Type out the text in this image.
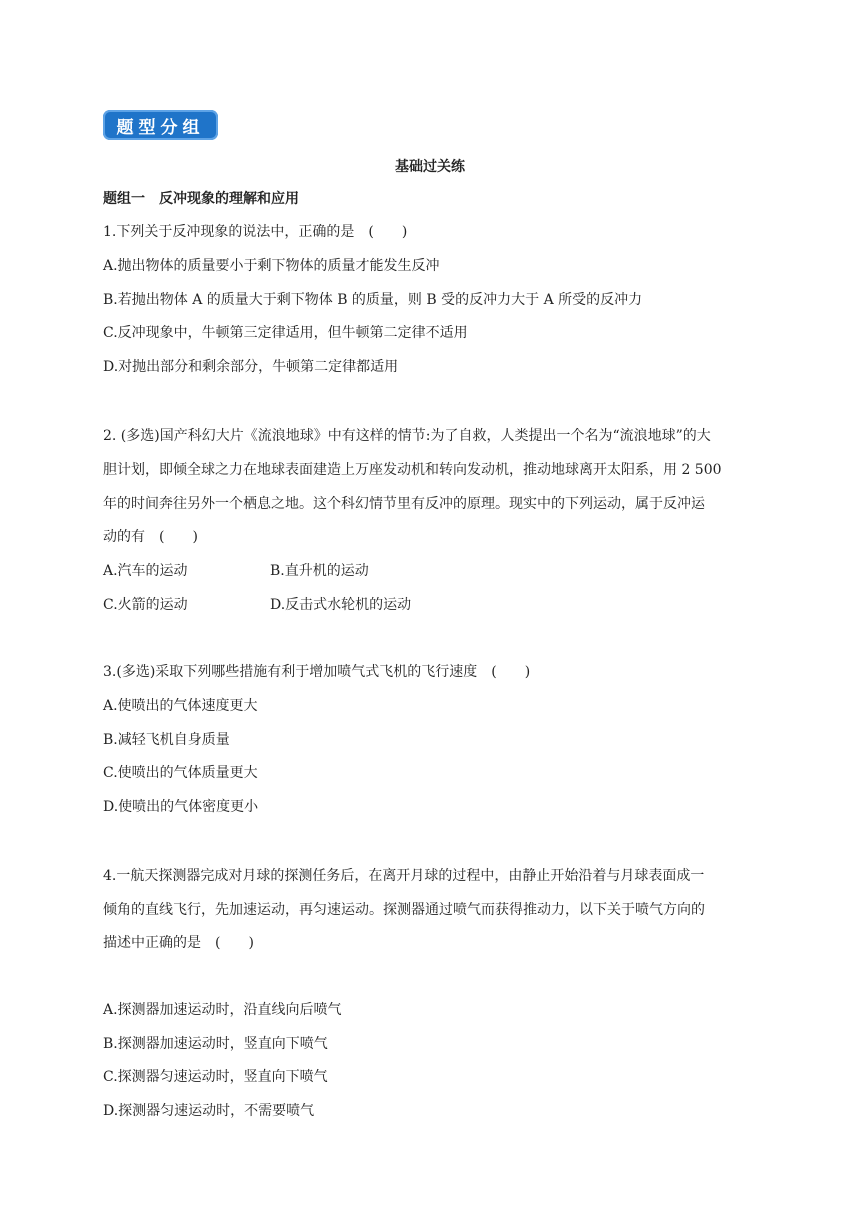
题型分组
基础过关练
题组一　反冲现象的理解和应用
1.下列关于反冲现象的说法中，正确的是　(　　)
A.抛出物体的质量要小于剩下物体的质量才能发生反冲
B.若抛出物体 A 的质量大于剩下物体 B 的质量，则 B 受的反冲力大于 A 所受的反冲力
C.反冲现象中，牛顿第三定律适用，但牛顿第二定律不适用
D.对抛出部分和剩余部分，牛顿第二定律都适用
2. (多选)国产科幻大片《流浪地球》中有这样的情节:为了自救，人类提出一个名为“流浪地球”的大
胆计划，即倾全球之力在地球表面建造上万座发动机和转向发动机，推动地球离开太阳系，用 2 500
年的时间奔往另外一个栖息之地。这个科幻情节里有反冲的原理。现实中的下列运动，属于反冲运
动的有　(　　)
A.汽车的运动	B.直升机的运动
C.火箭的运动	D.反击式水轮机的运动
3.(多选)采取下列哪些措施有利于增加喷气式飞机的飞行速度　(　　)
A.使喷出的气体速度更大
B.减轻飞机自身质量
C.使喷出的气体质量更大
D.使喷出的气体密度更小
4.一航天探测器完成对月球的探测任务后，在离开月球的过程中，由静止开始沿着与月球表面成一
倾角的直线飞行，先加速运动，再匀速运动。探测器通过喷气而获得推动力，以下关于喷气方向的
描述中正确的是　(　　)
A.探测器加速运动时，沿直线向后喷气
B.探测器加速运动时，竖直向下喷气
C.探测器匀速运动时，竖直向下喷气
D.探测器匀速运动时，不需要喷气
